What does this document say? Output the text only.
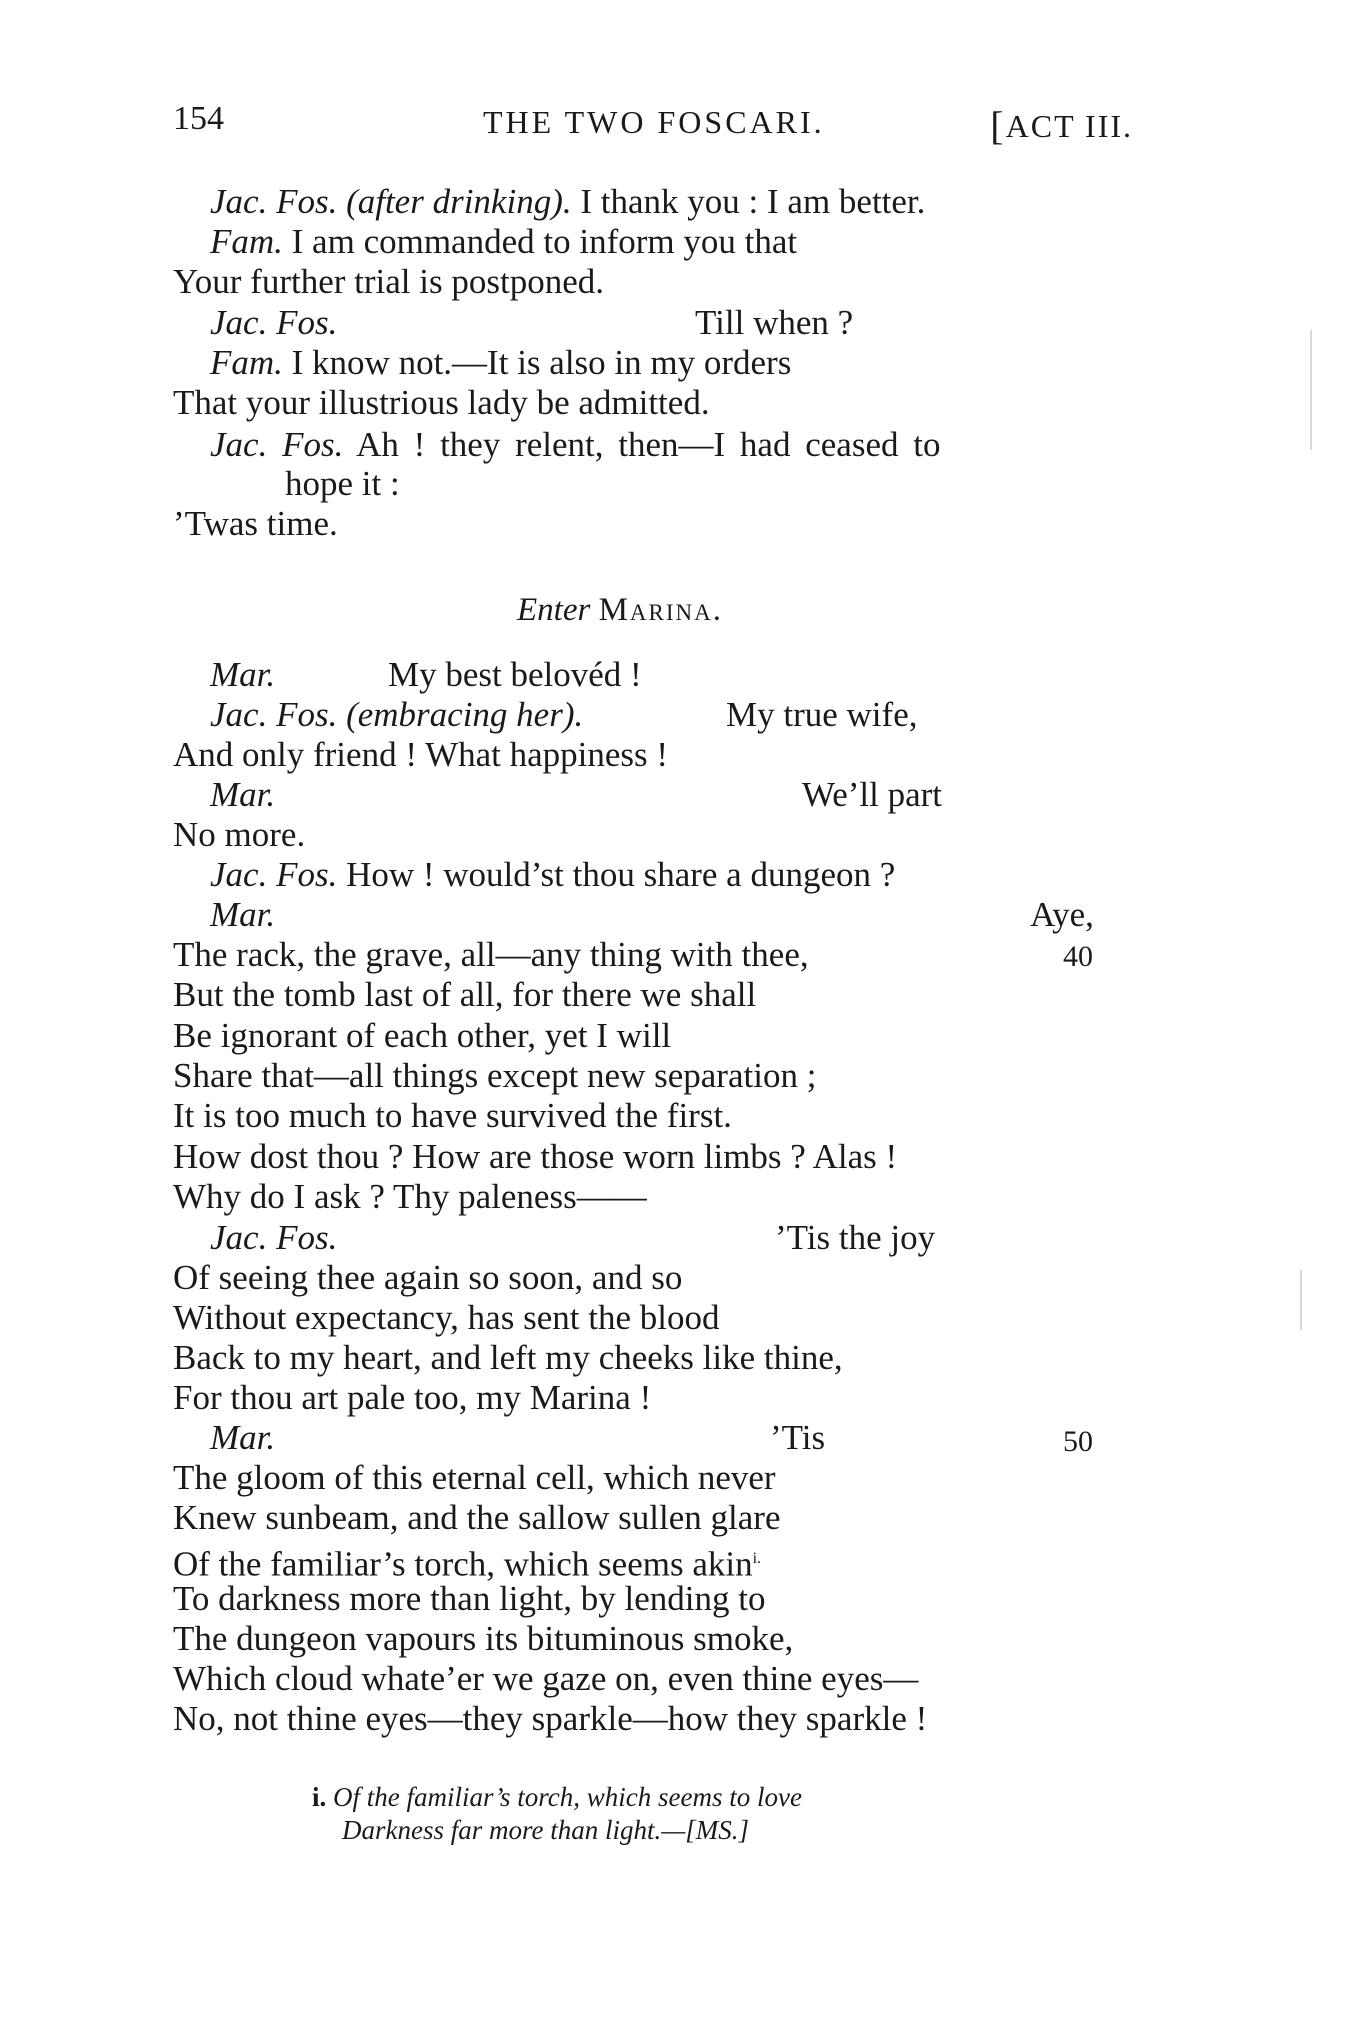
154	THE TWO FOSCARI.	[ACT III.
Jac. Fos. (after drinking). I thank you : I am better.
Fam. I am commanded to inform you that
Your further trial is postponed.
Jac. Fos.	Till when ?
Fam. I know not.—It is also in my orders
That your illustrious lady be admitted.
Jac. Fos. Ah ! they relent, then—I had ceased to
hope it :
’Twas time.
Enter Marina.
Mar.	My best belovéd !
Jac. Fos. (embracing her).	My true wife,
And only friend ! What happiness !
Mar.	We’ll part
No more.
Jac. Fos. How ! would’st thou share a dungeon ?
Mar.	Aye,
The rack, the grave, all—any thing with thee,	40
But the tomb last of all, for there we shall
Be ignorant of each other, yet I will
Share that—all things except new separation ;
It is too much to have survived the first.
How dost thou ? How are those worn limbs ? Alas !
Why do I ask ? Thy paleness——
Jac. Fos.	’Tis the joy
Of seeing thee again so soon, and so
Without expectancy, has sent the blood
Back to my heart, and left my cheeks like thine,
For thou art pale too, my Marina !
Mar.	’Tis	50
The gloom of this eternal cell, which never
Knew sunbeam, and the sallow sullen glare
Of the familiar’s torch, which seems akin$^{i.}$
To darkness more than light, by lending to
The dungeon vapours its bituminous smoke,
Which cloud whate’er we gaze on, even thine eyes—
No, not thine eyes—they sparkle—how they sparkle !
i. Of the familiar’s torch, which seems to love
Darkness far more than light.—[MS.]
